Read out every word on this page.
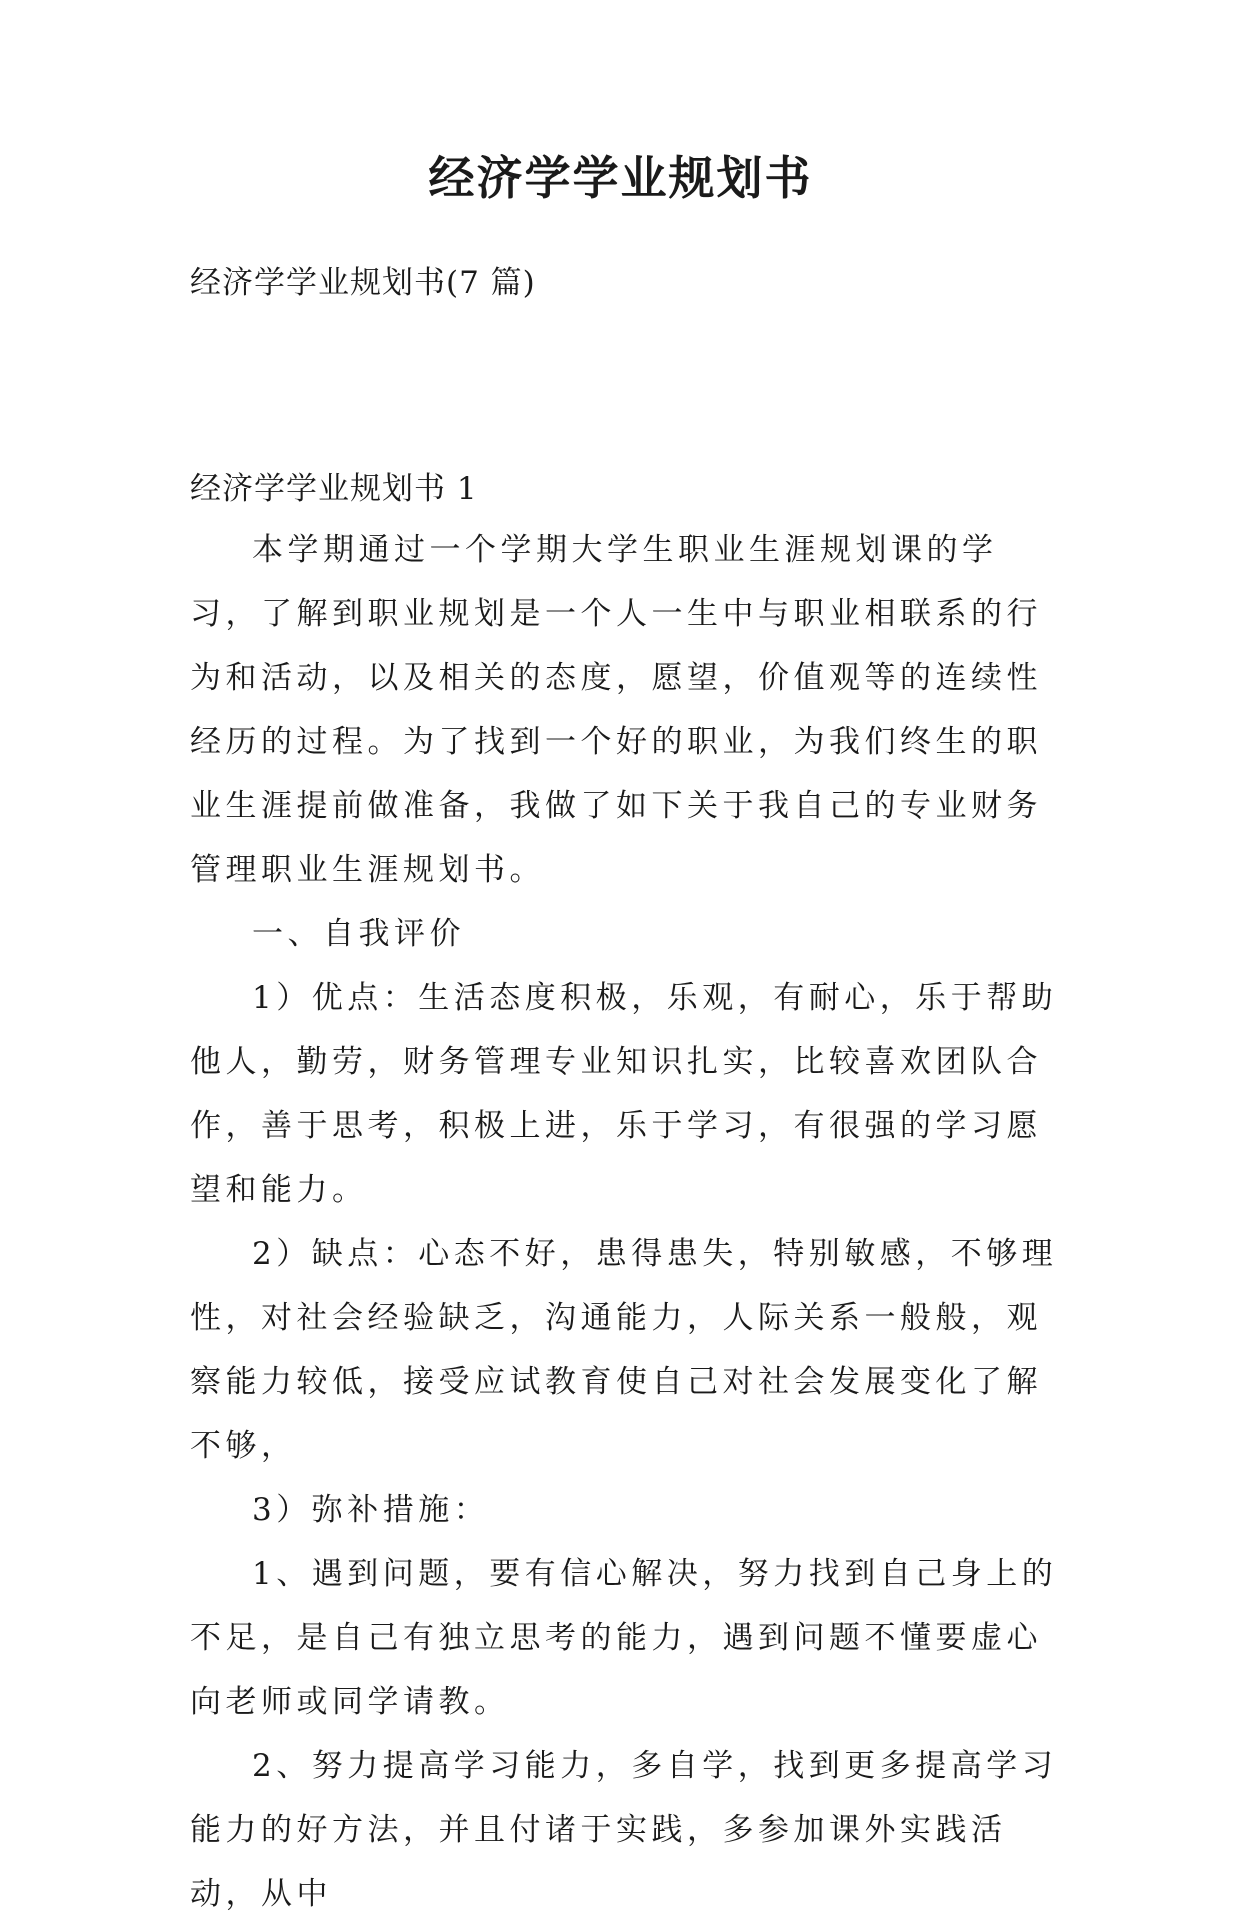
经济学学业规划书
经济学学业规划书(7 篇)
经济学学业规划书 1

本学期通过一个学期大学生职业生涯规划课的学习，了解到职业规划是一个人一生中与职业相联系的行为和活动，以及相关的态度，愿望，价值观等的连续性经历的过程。为了找到一个好的职业，为我们终生的职业生涯提前做准备，我做了如下关于我自己的专业财务管理职业生涯规划书。

一、自我评价

1）优点：生活态度积极，乐观，有耐心，乐于帮助他人，勤劳，财务管理专业知识扎实，比较喜欢团队合作，善于思考，积极上进，乐于学习，有很强的学习愿望和能力。

2）缺点：心态不好，患得患失，特别敏感，不够理性，对社会经验缺乏，沟通能力，人际关系一般般，观察能力较低，接受应试教育使自己对社会发展变化了解不够，

3）弥补措施：

1、遇到问题，要有信心解决，努力找到自己身上的不足，是自己有独立思考的能力，遇到问题不懂要虚心向老师或同学请教。

2、努力提高学习能力，多自学，找到更多提高学习能力的好方法，并且付诸于实践，多参加课外实践活动，从中
